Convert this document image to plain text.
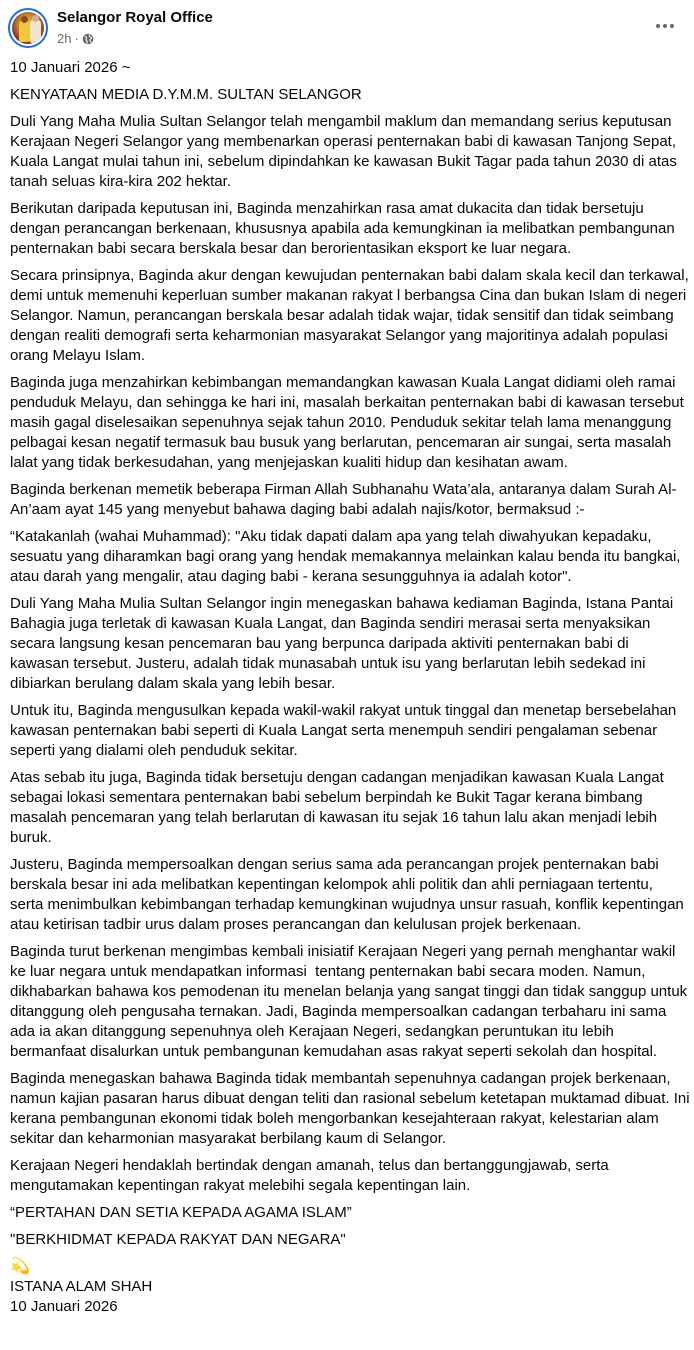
Selangor Royal Office
2h ·

10 Januari 2026 ~

KENYATAAN MEDIA D.Y.M.M. SULTAN SELANGOR

Duli Yang Maha Mulia Sultan Selangor telah mengambil maklum dan memandang serius keputusan Kerajaan Negeri Selangor yang membenarkan operasi penternakan babi di kawasan Tanjong Sepat, Kuala Langat mulai tahun ini, sebelum dipindahkan ke kawasan Bukit Tagar pada tahun 2030 di atas tanah seluas kira-kira 202 hektar.

Berikutan daripada keputusan ini, Baginda menzahirkan rasa amat dukacita dan tidak bersetuju dengan perancangan berkenaan, khususnya apabila ada kemungkinan ia melibatkan pembangunan penternakan babi secara berskala besar dan berorientasikan eksport ke luar negara.

Secara prinsipnya, Baginda akur dengan kewujudan penternakan babi dalam skala kecil dan terkawal, demi untuk memenuhi keperluan sumber makanan rakyat l berbangsa Cina dan bukan Islam di negeri Selangor. Namun, perancangan berskala besar adalah tidak wajar, tidak sensitif dan tidak seimbang dengan realiti demografi serta keharmonian masyarakat Selangor yang majoritinya adalah populasi orang Melayu Islam.

Baginda juga menzahirkan kebimbangan memandangkan kawasan Kuala Langat didiami oleh ramai penduduk Melayu, dan sehingga ke hari ini, masalah berkaitan penternakan babi di kawasan tersebut masih gagal diselesaikan sepenuhnya sejak tahun 2010. Penduduk sekitar telah lama menanggung pelbagai kesan negatif termasuk bau busuk yang berlarutan, pencemaran air sungai, serta masalah lalat yang tidak berkesudahan, yang menjejaskan kualiti hidup dan kesihatan awam.

Baginda berkenan memetik beberapa Firman Allah Subhanahu Wata’ala, antaranya dalam Surah Al-An’aam ayat 145 yang menyebut bahawa daging babi adalah najis/kotor, bermaksud :-

“Katakanlah (wahai Muhammad): "Aku tidak dapati dalam apa yang telah diwahyukan kepadaku, sesuatu yang diharamkan bagi orang yang hendak memakannya melainkan kalau benda itu bangkai, atau darah yang mengalir, atau daging babi - kerana sesungguhnya ia adalah kotor".

Duli Yang Maha Mulia Sultan Selangor ingin menegaskan bahawa kediaman Baginda, Istana Pantai Bahagia juga terletak di kawasan Kuala Langat, dan Baginda sendiri merasai serta menyaksikan secara langsung kesan pencemaran bau yang berpunca daripada aktiviti penternakan babi di kawasan tersebut. Justeru, adalah tidak munasabah untuk isu yang berlarutan lebih sedekad ini dibiarkan berulang dalam skala yang lebih besar.

Untuk itu, Baginda mengusulkan kepada wakil-wakil rakyat untuk tinggal dan menetap bersebelahan kawasan penternakan babi seperti di Kuala Langat serta menempuh sendiri pengalaman sebenar seperti yang dialami oleh penduduk sekitar.

Atas sebab itu juga, Baginda tidak bersetuju dengan cadangan menjadikan kawasan Kuala Langat sebagai lokasi sementara penternakan babi sebelum berpindah ke Bukit Tagar kerana bimbang masalah pencemaran yang telah berlarutan di kawasan itu sejak 16 tahun lalu akan menjadi lebih buruk.

Justeru, Baginda mempersoalkan dengan serius sama ada perancangan projek penternakan babi berskala besar ini ada melibatkan kepentingan kelompok ahli politik dan ahli perniagaan tertentu, serta menimbulkan kebimbangan terhadap kemungkinan wujudnya unsur rasuah, konflik kepentingan atau ketirisan tadbir urus dalam proses perancangan dan kelulusan projek berkenaan.

Baginda turut berkenan mengimbas kembali inisiatif Kerajaan Negeri yang pernah menghantar wakil ke luar negara untuk mendapatkan informasi  tentang penternakan babi secara moden. Namun, dikhabarkan bahawa kos pemodenan itu menelan belanja yang sangat tinggi dan tidak sanggup untuk ditanggung oleh pengusaha ternakan. Jadi, Baginda mempersoalkan cadangan terbaharu ini sama ada ia akan ditanggung sepenuhnya oleh Kerajaan Negeri, sedangkan peruntukan itu lebih bermanfaat disalurkan untuk pembangunan kemudahan asas rakyat seperti sekolah dan hospital.

Baginda menegaskan bahawa Baginda tidak membantah sepenuhnya cadangan projek berkenaan, namun kajian pasaran harus dibuat dengan teliti dan rasional sebelum ketetapan muktamad dibuat. Ini kerana pembangunan ekonomi tidak boleh mengorbankan kesejahteraan rakyat, kelestarian alam sekitar dan keharmonian masyarakat berbilang kaum di Selangor.

Kerajaan Negeri hendaklah bertindak dengan amanah, telus dan bertanggungjawab, serta mengutamakan kepentingan rakyat melebihi segala kepentingan lain.

“PERTAHAN DAN SETIA KEPADA AGAMA ISLAM”

"BERKHIDMAT KEPADA RAKYAT DAN NEGARA"

💫

ISTANA ALAM SHAH

10 Januari 2026
